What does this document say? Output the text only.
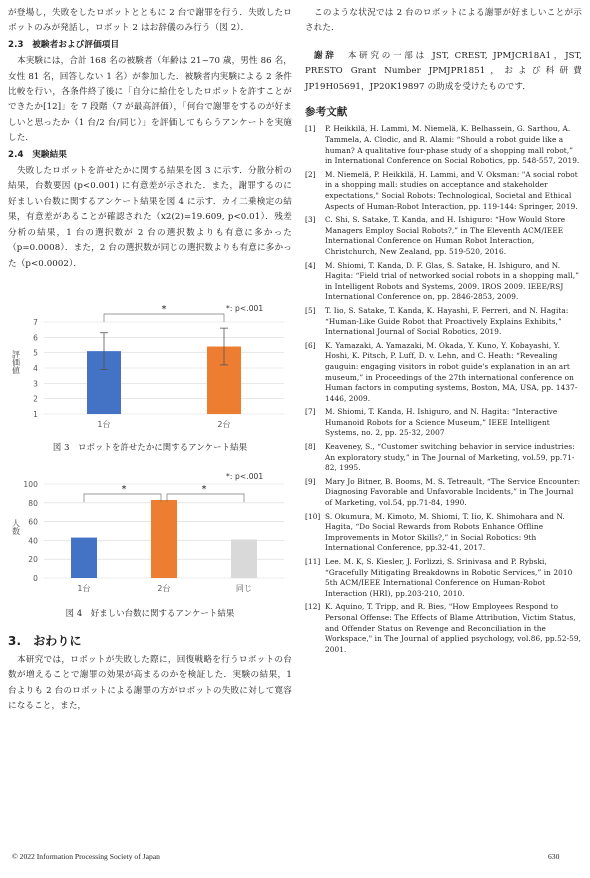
が登場し，失敗をしたロボットとともに 2 台で謝罪を行う．失敗したロボットのみが発話し，ロボット 2 はお辞儀のみ行う（図 2）．

2.3　被験者および評価項目

本実験には，合計 168 名の被験者（年齢は 21~70 歳，男性 86 名，女性 81 名，回答しない 1 名）が参加した．被験者内実験による 2 条件比較を行い，各条件終了後に「自分に給仕をしたロボットを許すことができたか[12]」を 7 段階（7 が最高評価），「何台で謝罪をするのが好ましいと思ったか（1 台/2 台/同じ）」を評価してもらうアンケートを実施した．

2.4　実験結果

失敗したロボットを許せたかに関する結果を図 3 に示す．分散分析の結果，台数要因 (p<0.001) に有意差が示された．また，謝罪するのに好ましい台数に関するアンケート結果を図 4 に示す．カイ二乗検定の結果，有意差があることが確認された（x2(2)=19.609, p<0.01）．残差分析の結果，1 台の選択数が 2 台の選択数よりも有意に多かった（p=0.0008）．また，2 台の選択数が同じの選択数よりも有意に多かった（p<0.0002）．

評価値
1
2
3
4
5
6
7
1台	2台
*	*: p<.001
図 3　ロボットを許せたかに関するアンケート結果
人数
0
20
40
60
80
100
1台	2台	同じ
*	*
*: p<.001
図 4　好ましい台数に関するアンケート結果
3.　おわりに

本研究では，ロボットが失敗した際に，回復戦略を行うロボットの台数が増えることで謝罪の効果が高まるのかを検証した．実験の結果，1 台よりも 2 台のロボットによる謝罪の方がロボットの失敗に対して寛容になること，また，

このような状況では 2 台のロボットによる謝罪が好ましいことが示された．

謝辞　 本研究の一部は JST, CREST, JPMJCR18A1，JST, PRESTO Grant Number JPMJPR1851，および科研費 JP19H05691，JP20K19897 の助成を受けたものです．

参考文献
[1]	P. Heikkilä, H. Lammi, M. Niemelä, K. Belhassein, G. Sarthou, A. Tammela, A. Clodic, and R. Alami: “Should a robot guide like a human? A qualitative four-phase study of a shopping mall robot,” in International Conference on Social Robotics, pp. 548-557, 2019.
[2]	M. Niemelä, P. Heikkilä, H. Lammi, and V. Oksman: "A social robot in a shopping mall: studies on acceptance and stakeholder expectations," Social Robots: Technological, Societal and Ethical Aspects of Human-Robot Interaction, pp. 119-144: Springer, 2019.
[3]	C. Shi, S. Satake, T. Kanda, and H. Ishiguro: “How Would Store Managers Employ Social Robots?,” in The Eleventh ACM/IEEE International Conference on Human Robot Interaction, Christchurch, New Zealand, pp. 519-520, 2016.
[4]	M. Shiomi, T. Kanda, D. F. Glas, S. Satake, H. Ishiguro, and N. Hagita: “Field trial of networked social robots in a shopping mall,” in Intelligent Robots and Systems, 2009. IROS 2009. IEEE/RSJ International Conference on, pp. 2846-2853, 2009.
[5]	T. Iio, S. Satake, T. Kanda, K. Hayashi, F. Ferreri, and N. Hagita: “Human-Like Guide Robot that Proactively Explains Exhibits,” International Journal of Social Robotics, 2019.
[6]	K. Yamazaki, A. Yamazaki, M. Okada, Y. Kuno, Y. Kobayashi, Y. Hoshi, K. Pitsch, P. Luff, D. v. Lehn, and C. Heath: “Revealing gauguin: engaging visitors in robot guide's explanation in an art museum,” in Proceedings of the 27th international conference on Human factors in computing systems, Boston, MA, USA, pp. 1437-1446, 2009.
[7]	M. Shiomi, T. Kanda, H. Ishiguro, and N. Hagita: “Interactive Humanoid Robots for a Science Museum,” IEEE Intelligent Systems, no. 2, pp. 25-32, 2007
[8]	Keaveney, S., “Customer switching behavior in service industries: An exploratory study,” in The Journal of Marketing, vol.59, pp.71-82, 1995.
[9]	Mary Jo Bitner, B. Booms, M. S. Tetreault, “The Service Encounter: Diagnosing Favorable and Unfavorable Incidents,” in The Journal of Marketing, vol.54, pp.71-84, 1990.
[10] S. Okumura, M. Kimoto, M. Shiomi, T. Iio, K. Shimohara and N. Hagita, “Do Social Rewards from Robots Enhance Offline Improvements in Motor Skills?,” in Social Robotics: 9th International Conference, pp.32-41, 2017.
[11] Lee. M. K, S. Kiesler, J. Forlizzi, S. Srinivasa and P. Rybski, “Gracefully Mitigating Breakdowns in Robotic Services,” in 2010 5th ACM/IEEE International Conference on Human-Robot Interaction (HRI), pp.203-210, 2010.
[12] K. Aquino, T. Tripp, and R. Bies, "How Employees Respond to Personal Offense: The Effects of Blame Attribution, Victim Status, and Offender Status on Revenge and Reconciliation in the Workspace," in The Journal of applied psychology, vol.86, pp.52-59, 2001.
© 2022 Information Processing Society of Japan	630
